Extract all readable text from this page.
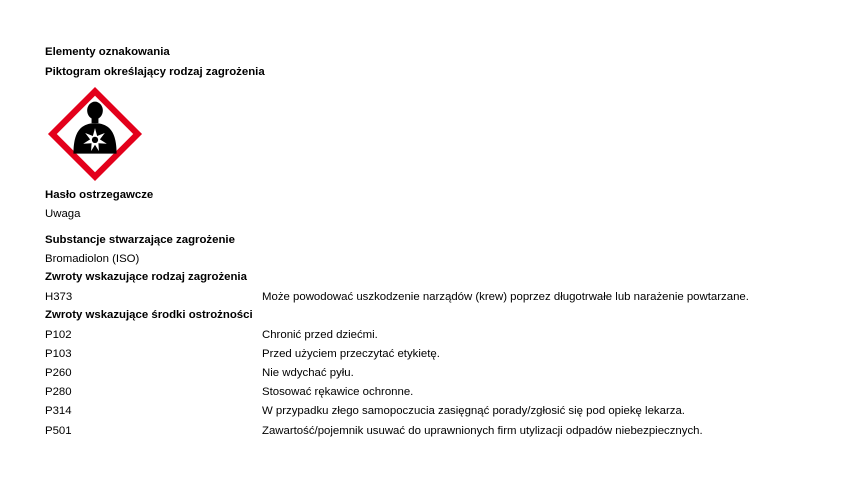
Elementy oznakowania
Piktogram określający rodzaj zagrożenia
Hasło ostrzegawcze
Uwaga
Substancje stwarzające zagrożenie
Bromadiolon (ISO)
Zwroty wskazujące rodzaj zagrożenia
H373	Może powodować uszkodzenie narządów (krew) poprzez długotrwałe lub narażenie powtarzane.
Zwroty wskazujące środki ostrożności
P102	Chronić przed dziećmi.
P103	Przed użyciem przeczytać etykietę.
P260	Nie wdychać pyłu.
P280	Stosować rękawice ochronne.
P314	W przypadku złego samopoczucia zasięgnąć porady/zgłosić się pod opiekę lekarza.
P501	Zawartość/pojemnik usuwać do uprawnionych firm utylizacji odpadów niebezpiecznych.
